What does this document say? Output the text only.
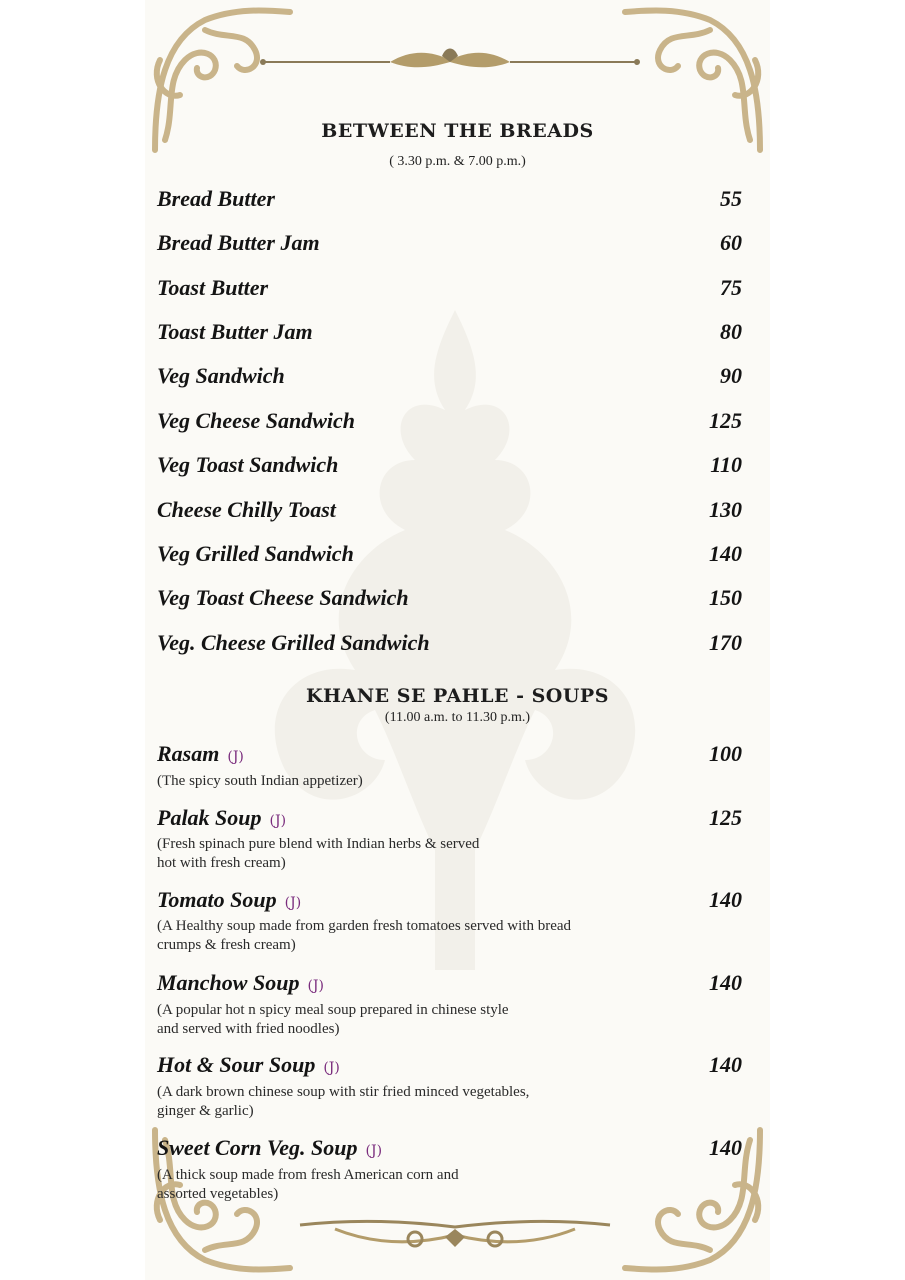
BETWEEN THE BREADS
( 3.30 p.m. & 7.00 p.m.)
Bread Butter	55
Bread Butter Jam	60
Toast Butter	75
Toast Butter Jam	80
Veg Sandwich	90
Veg Cheese Sandwich	125
Veg Toast Sandwich	110
Cheese Chilly Toast	130
Veg Grilled Sandwich	140
Veg Toast Cheese Sandwich	150
Veg. Cheese Grilled Sandwich	170
KHANE SE PAHLE - SOUPS
(11.00 a.m. to 11.30 p.m.)
Rasam (J)	100
(The spicy south Indian appetizer)
Palak Soup (J)	125
(Fresh spinach pure blend with Indian herbs & served
hot with fresh cream)
Tomato Soup (J)	140
(A Healthy soup made from garden fresh tomatoes served with bread
crumps & fresh cream)
Manchow Soup (J)	140
(A popular hot n spicy meal soup prepared in chinese style
and served with fried noodles)
Hot & Sour Soup (J)	140
(A dark brown chinese soup with stir fried minced vegetables,
ginger & garlic)
Sweet Corn Veg. Soup (J)	140
(A thick soup made from fresh American corn and
assorted vegetables)
